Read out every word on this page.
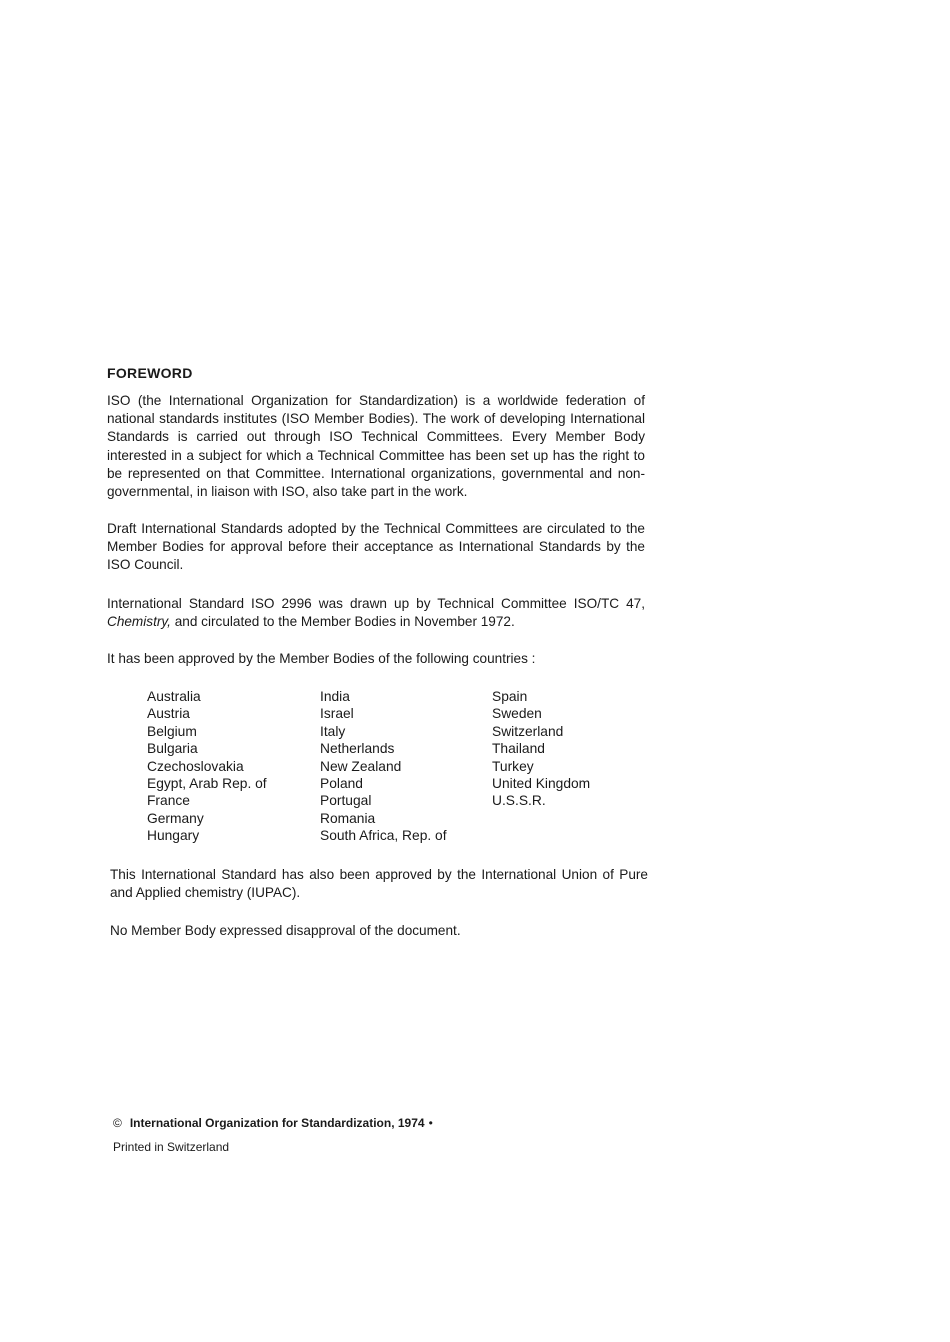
FOREWORD

ISO (the International Organization for Standardization) is a worldwide federation of national standards institutes (ISO Member Bodies). The work of developing International Standards is carried out through ISO Technical Committees. Every Member Body interested in a subject for which a Technical Committee has been set up has the right to be represented on that Committee. International organizations, governmental and non-governmental, in liaison with ISO, also take part in the work.

Draft International Standards adopted by the Technical Committees are circulated to the Member Bodies for approval before their acceptance as International Standards by the ISO Council.

International Standard ISO 2996 was drawn up by Technical Committee ISO/TC 47, Chemistry, and circulated to the Member Bodies in November 1972.

It has been approved by the Member Bodies of the following countries :

Australia
Austria
Belgium
Bulgaria
Czechoslovakia
Egypt, Arab Rep. of
France
Germany
Hungary
India
Israel
Italy
Netherlands
New Zealand
Poland
Portugal
Romania
South Africa, Rep. of
Spain
Sweden
Switzerland
Thailand
Turkey
United Kingdom
U.S.S.R.

This International Standard has also been approved by the International Union of Pure and Applied chemistry (IUPAC).

No Member Body expressed disapproval of the document.

© International Organization for Standardization, 1974 •
Printed in Switzerland
